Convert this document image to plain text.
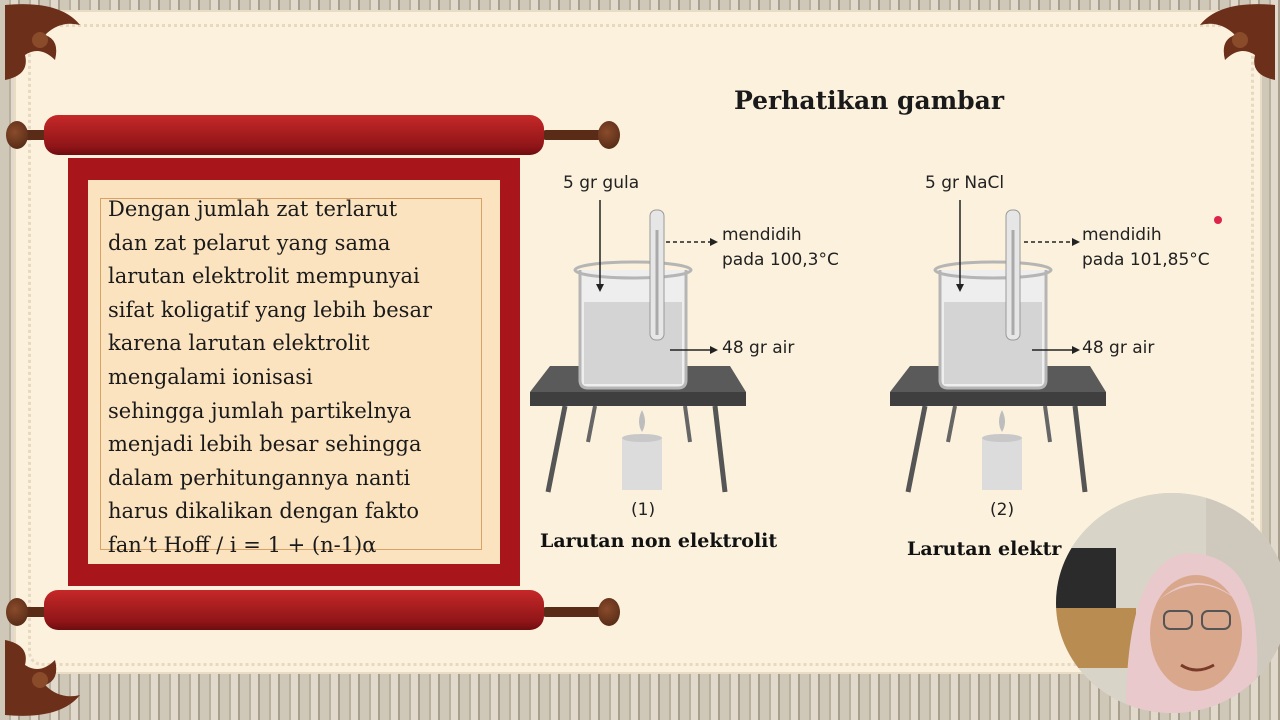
Dengan jumlah zat terlarut
dan zat pelarut yang sama
larutan elektrolit mempunyai
sifat koligatif yang lebih besar
karena larutan elektrolit
mengalami ionisasi
sehingga jumlah partikelnya
menjadi lebih besar sehingga
dalam perhitungannya nanti
harus dikalikan dengan fakto
fan’t Hoff / i = 1 + (n-1)α
Perhatikan gambar
5 gr gula
mendidih
pada 100,3°C
48 gr air
(1)
Larutan non elektrolit
5 gr NaCl
mendidih
pada 101,85°C
48 gr air
(2)
Larutan elektr
